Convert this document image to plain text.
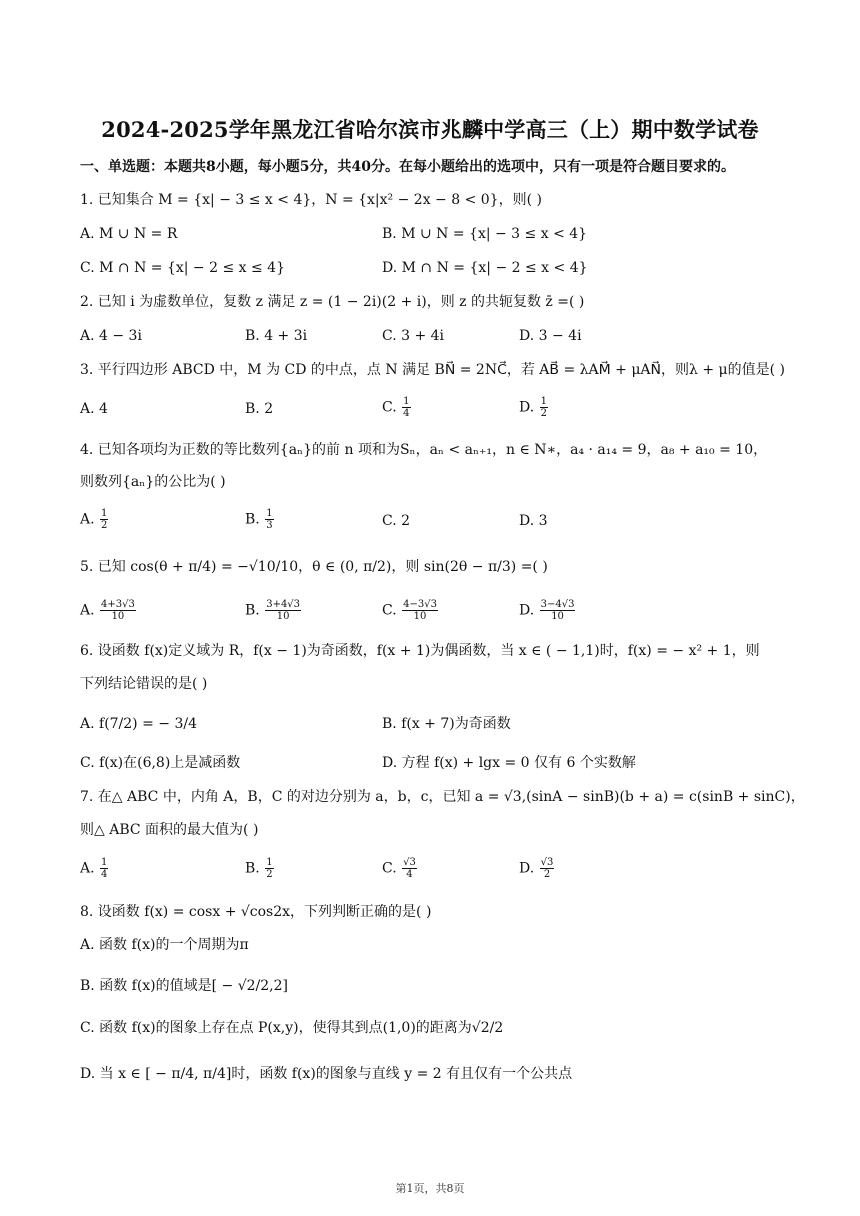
2024-2025学年黑龙江省哈尔滨市兆麟中学高三（上）期中数学试卷
一、单选题：本题共8小题，每小题5分，共40分。在每小题给出的选项中，只有一项是符合题目要求的。
1. 已知集合 M = {x| − 3 ≤ x < 4}，N = {x|x² − 2x − 8 < 0}，则( )
A. M ∪ N = R	B. M ∪ N = {x| − 3 ≤ x < 4}
C. M ∩ N = {x| − 2 ≤ x ≤ 4}	D. M ∩ N = {x| − 2 ≤ x < 4}
2. 已知 i 为虚数单位，复数 z 满足 z = (1 − 2i)(2 + i)，则 z 的共轭复数 z̄ =( )
A. 4 − 3i	B. 4 + 3i	C. 3 + 4i	D. 3 − 4i
3. 平行四边形 ABCD 中，M 为 CD 的中点，点 N 满足 BN⃗ = 2NC⃗，若 AB⃗ = λAM⃗ + μAN⃗，则λ + μ的值是( )
A. 4	B. 2	C. $\frac{1}{4}$	D. $\frac{1}{2}$
4. 已知各项均为正数的等比数列{aₙ}的前 n 项和为Sₙ，aₙ < aₙ₊₁，n ∈ N∗，a₄ · a₁₄ = 9，a₈ + a₁₀ = 10，
则数列{aₙ}的公比为( )
A. $\frac{1}{2}$	B. $\frac{1}{3}$	C. 2	D. 3
5. 已知 cos(θ + π/4) = −√10/10，θ ∈ (0, π/2)，则 sin(2θ − π/3) =( )
A. $\frac{4+3√3}{10}$	B. $\frac{3+4√3}{10}$	C. $\frac{4-3√3}{10}$	D. $\frac{3-4√3}{10}$
6. 设函数 f(x)定义域为 R，f(x − 1)为奇函数，f(x + 1)为偶函数，当 x ∈ ( − 1,1)时，f(x) = − x² + 1，则
下列结论错误的是( )
A. f(7/2) = − 3/4	B. f(x + 7)为奇函数
C. f(x)在(6,8)上是减函数	D. 方程 f(x) + lgx = 0 仅有 6 个实数解
7. 在△ ABC 中，内角 A，B，C 的对边分别为 a，b，c，已知 a = √3,(sinA − sinB)(b + a) = c(sinB + sinC)，
则△ ABC 面积的最大值为( )
A. $\frac{1}{4}$	B. $\frac{1}{2}$	C. $\frac{√3}{4}$	D. $\frac{√3}{2}$
8. 设函数 f(x) = cosx + √cos2x，下列判断正确的是( )
A. 函数 f(x)的一个周期为π
B. 函数 f(x)的值域是[ − √2/2,2]
C. 函数 f(x)的图象上存在点 P(x,y)，使得其到点(1,0)的距离为√2/2
D. 当 x ∈ [ − π/4, π/4]时，函数 f(x)的图象与直线 y = 2 有且仅有一个公共点
第1页，共8页
